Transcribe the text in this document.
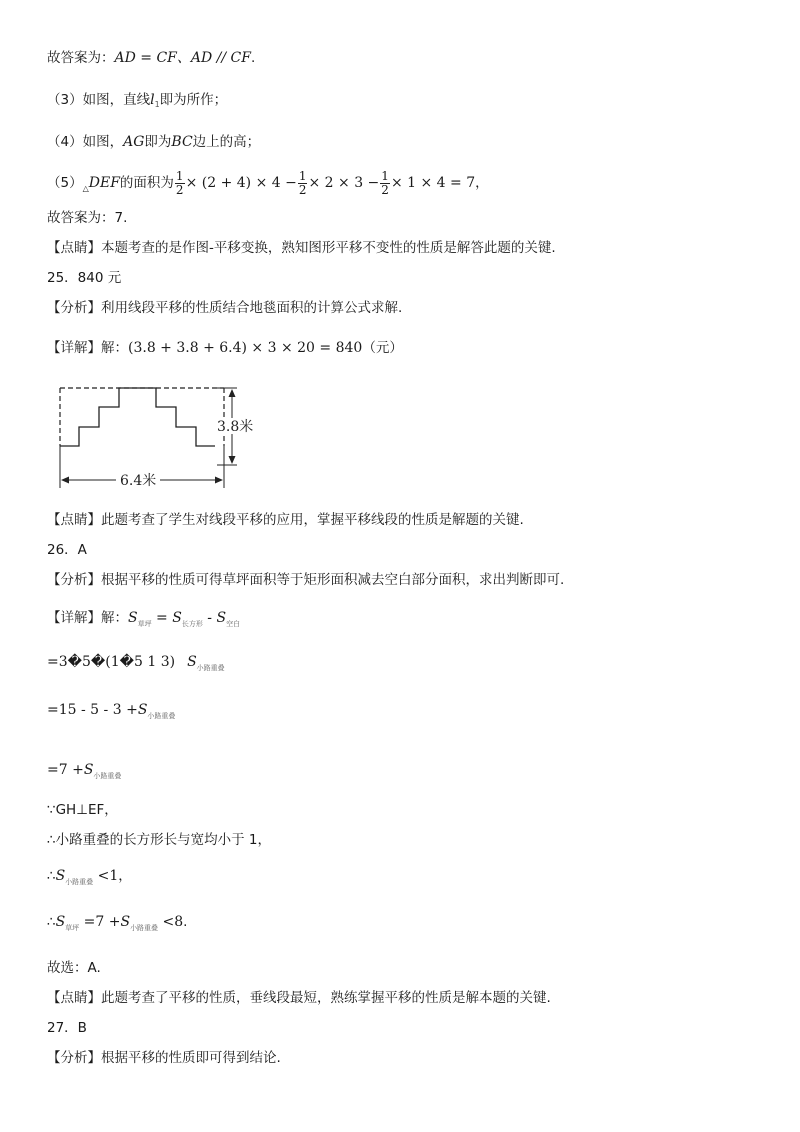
故答案为：AD = CF、AD // CF.
（3）如图，直线$l_1$即为所作；
（4）如图，AG即为BC边上的高；
$(5)_\triangle DEF$的面积为 $\frac{1}{2} \times (2 + 4) \times 4 - \frac{1}{2} \times 2 \times 3 - \frac{1}{2} \times 1 \times 4 = 7$，
故答案为：7.
【点睛】本题考查的是作图-平移变换，熟知图形平移不变性的性质是解答此题的关键.
25．840 元
【分析】利用线段平移的性质结合地毯面积的计算公式求解.
【详解】解：(3.8 + 3.8 + 6.4) × 3 × 20 = 840（元）
3.8米
6.4米
【点睛】此题考查了学生对线段平移的应用，掌握平移线段的性质是解题的关键.
26．A
【分析】根据平移的性质可得草坪面积等于矩形面积减去空白部分面积，求出判断即可.
【详解】解：$S_{草坪} = S_{长方形} - S_{空白}$
=3�5�(1�5 1 3) $S_{小路重叠}$
$=15 - 5 - 3 +S_{小路重叠}$
$=7 +S_{小路重叠}$
∵GH⊥EF，
∴小路重叠的长方形长与宽均小于 1，
$\therefore S_{小路重叠} <1$，
$\therefore S_{草坪} =7 +S_{小路重叠} <8$.
故选：A.
【点睛】此题考查了平移的性质，垂线段最短，熟练掌握平移的性质是解本题的关键.
27．B
【分析】根据平移的性质即可得到结论.
